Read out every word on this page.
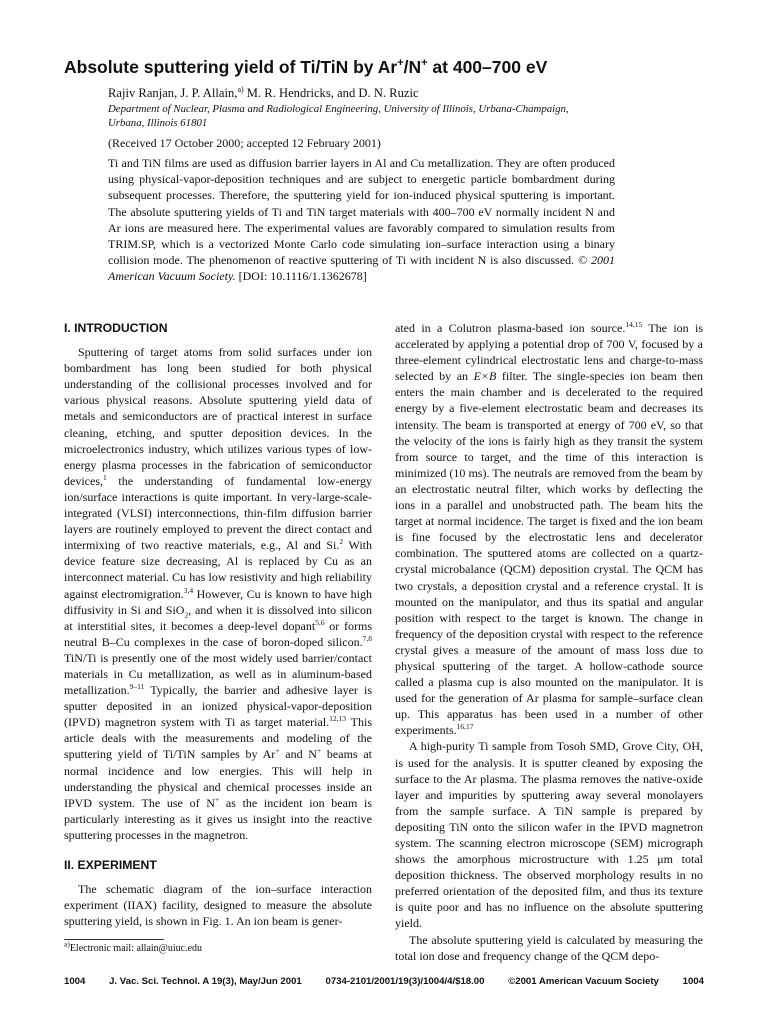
Absolute sputtering yield of Ti/TiN by Ar+/N+ at 400–700 eV
Rajiv Ranjan, J. P. Allain,$^{a)}$ M. R. Hendricks, and D. N. Ruzic
Department of Nuclear, Plasma and Radiological Engineering, University of Illinois, Urbana-Champaign,
Urbana, Illinois 61801
(Received 17 October 2000; accepted 12 February 2001)
Ti and TiN films are used as diffusion barrier layers in Al and Cu metallization. They are often produced using physical-vapor-deposition techniques and are subject to energetic particle bombardment during subsequent processes. Therefore, the sputtering yield for ion-induced physical sputtering is important. The absolute sputtering yields of Ti and TiN target materials with 400–700 eV normally incident N and Ar ions are measured here. The experimental values are favorably compared to simulation results from TRIM.SP, which is a vectorized Monte Carlo code simulating ion–surface interaction using a binary collision mode. The phenomenon of reactive sputtering of Ti with incident N is also discussed. © 2001 American Vacuum Society. [DOI: 10.1116/1.1362678]
I. INTRODUCTION

Sputtering of target atoms from solid surfaces under ion bombardment has long been studied for both physical understanding of the collisional processes involved and for various physical reasons. Absolute sputtering yield data of metals and semiconductors are of practical interest in surface cleaning, etching, and sputter deposition devices. In the microelectronics industry, which utilizes various types of low-energy plasma processes in the fabrication of semiconductor devices,$^1$ the understanding of fundamental low-energy ion/surface interactions is quite important. In very-large-scale-integrated (VLSI) interconnections, thin-film diffusion barrier layers are routinely employed to prevent the direct contact and intermixing of two reactive materials, e.g., Al and Si.$^2$ With device feature size decreasing, Al is replaced by Cu as an interconnect material. Cu has low resistivity and high reliability against electromigration.$^{3,4}$ However, Cu is known to have high diffusivity in Si and SiO$_2$, and when it is dissolved into silicon at interstitial sites, it becomes a deep-level dopant$^{5,6}$ or forms neutral B–Cu complexes in the case of boron-doped silicon.$^{7,8}$ TiN/Ti is presently one of the most widely used barrier/contact materials in Cu metallization, as well as in aluminum-based metallization.$^{9-11}$ Typically, the barrier and adhesive layer is sputter deposited in an ionized physical-vapor-deposition (IPVD) magnetron system with Ti as target material.$^{12,13}$ This article deals with the measurements and modeling of the sputtering yield of Ti/TiN samples by Ar+ and N+ beams at normal incidence and low energies. This will help in understanding the physical and chemical processes inside an IPVD system. The use of N+ as the incident ion beam is particularly interesting as it gives us insight into the reactive sputtering processes in the magnetron.

II. EXPERIMENT

The schematic diagram of the ion–surface interaction experiment (IIAX) facility, designed to measure the absolute sputtering yield, is shown in Fig. 1. An ion beam is gener-

ated in a Colutron plasma-based ion source.$^{14,15}$ The ion is accelerated by applying a potential drop of 700 V, focused by a three-element cylindrical electrostatic lens and charge-to-mass selected by an E×B filter. The single-species ion beam then enters the main chamber and is decelerated to the required energy by a five-element electrostatic beam and decreases its intensity. The beam is transported at energy of 700 eV, so that the velocity of the ions is fairly high as they transit the system from source to target, and the time of this interaction is minimized (10 ms). The neutrals are removed from the beam by an electrostatic neutral filter, which works by deflecting the ions in a parallel and unobstructed path. The beam hits the target at normal incidence. The target is fixed and the ion beam is fine focused by the electrostatic lens and decelerator combination. The sputtered atoms are collected on a quartz-crystal microbalance (QCM) deposition crystal. The QCM has two crystals, a deposition crystal and a reference crystal. It is mounted on the manipulator, and thus its spatial and angular position with respect to the target is known. The change in frequency of the deposition crystal with respect to the reference crystal gives a measure of the amount of mass loss due to physical sputtering of the target. A hollow-cathode source called a plasma cup is also mounted on the manipulator. It is used for the generation of Ar plasma for sample–surface clean up. This apparatus has been used in a number of other experiments.$^{16,17}$

A high-purity Ti sample from Tosoh SMD, Grove City, OH, is used for the analysis. It is sputter cleaned by exposing the surface to the Ar plasma. The plasma removes the native-oxide layer and impurities by sputtering away several monolayers from the sample surface. A TiN sample is prepared by depositing TiN onto the silicon wafer in the IPVD magnetron system. The scanning electron microscope (SEM) micrograph shows the amorphous microstructure with 1.25 μm total deposition thickness. The observed morphology results in no preferred orientation of the deposited film, and thus its texture is quite poor and has no influence on the absolute sputtering yield.

The absolute sputtering yield is calculated by measuring the total ion dose and frequency change of the QCM depo-

$^{a)}$Electronic mail: allain@uiuc.edu
1004 J. Vac. Sci. Technol. A 19(3), May/Jun 2001 0734-2101/2001/19(3)/1004/4/$18.00 ©2001 American Vacuum Society 1004
